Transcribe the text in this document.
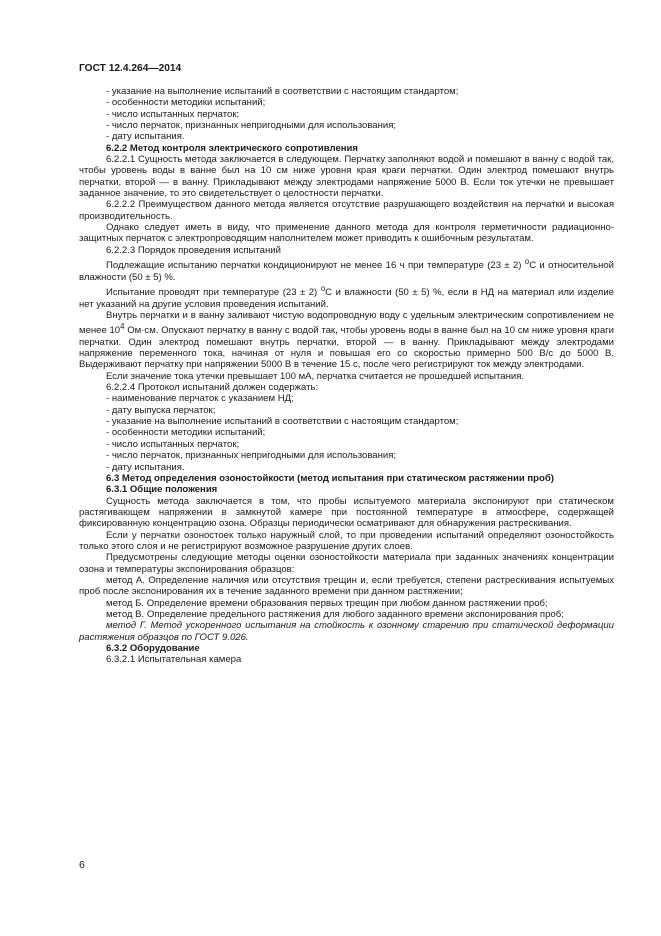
ГОСТ 12.4.264—2014

- указание на выполнение испытаний в соответствии с настоящим стандартом;

- особенности методики испытаний;

- число испытанных перчаток;

- число перчаток, признанных непригодными для использования;

- дату испытания.

6.2.2 Метод контроля электрического сопротивления

6.2.2.1 Сущность метода заключается в следующем. Перчатку заполняют водой и помешают в ванну с водой так, чтобы уровень воды в ванне был на 10 см ниже уровня края краги перчатки. Один электрод помешают внутрь перчатки, второй — в ванну. Прикладывают между электродами напряжение 5000 В. Если ток утечки не превышает заданное значение, то это свидетельствует о целостности перчатки.

6.2.2.2 Преимуществом данного метода является отсутствие разрушающего воздействия на перчатки и высокая производительность.

Однако следует иметь в виду, что применение данного метода для контроля герметичности радиационно-защитных перчаток с электропроводящим наполнителем может приводить к ошибочным результатам.

6.2.2.3 Порядок проведения испытаний

Подлежащие испытанию перчатки кондиционируют не менее 16 ч при температуре (23 ± 2) $^o$С и относительной влажности (50 ± 5) %.

Испытание проводят при температуре (23 ± 2) $^o$С и влажности (50 ± 5) %, если в НД на материал или изделие нет указаний на другие условия проведения испытаний.

Внутрь перчатки и в ванну заливают чистую водопроводную воду с удельным электрическим сопротивлением не менее $10^4$ Ом·см. Опускают перчатку в ванну с водой так, чтобы уровень воды в ванне был на 10 см ниже уровня краги перчатки. Один электрод помешают внутрь перчатки, второй — в ванну. Прикладывают между электродами напряжение переменного тока, начиная от нуля и повышая его со скоростью примерно 500 В/с до 5000 В. Выдерживают перчатку при напряжении 5000 В в течение 15 с, после чего регистрируют ток между электродами.

Если значение тока утечки превышает 100 мА, перчатка считается не прошедшей испытания.

6.2.2.4 Протокол испытаний должен содержать:

- наименование перчаток с указанием НД;

- дату выпуска перчаток;

- указание на выполнение испытаний в соответствии с настоящим стандартом;

- особенности методики испытаний;

- число испытанных перчаток;

- число перчаток, признанных непригодными для использования;

- дату испытания.

6.3 Метод определения озоностойкости (метод испытания при статическом растяжении проб)

6.3.1 Общие положения

Сущность метода заключается в том, что пробы испытуемого материала экспонируют при статическом растягивающем напряжении в замкнутой камере при постоянной температуре в атмосфере, содержащей фиксированную концентрацию озона. Образцы периодически осматривают для обнаружения растрескивания.

Если у перчатки озоностоек только наружный слой, то при проведении испытаний определяют озоностойкость только этого слоя и не регистрируют возможное разрушение других слоев.

Предусмотрены следующие методы оценки озоностойкости материала при заданных значениях концентрации озона и температуры экспонирования образцов:

метод А. Определение наличия или отсутствия трещин и, если требуется, степени растрескивания испытуемых проб после экспонирования их в течение заданного времени при данном растяжении;

метод Б. Определение времени образования первых трещин при любом данном растяжении проб;

метод В. Определение предельного растяжения для любого заданного времени экспонирования проб;

метод Г. Метод ускоренного испытания на стойкость к озонному старению при статической деформации растяжения образцов по ГОСТ 9.026.

6.3.2 Оборудование

6.3.2.1 Испытательная камера

6
